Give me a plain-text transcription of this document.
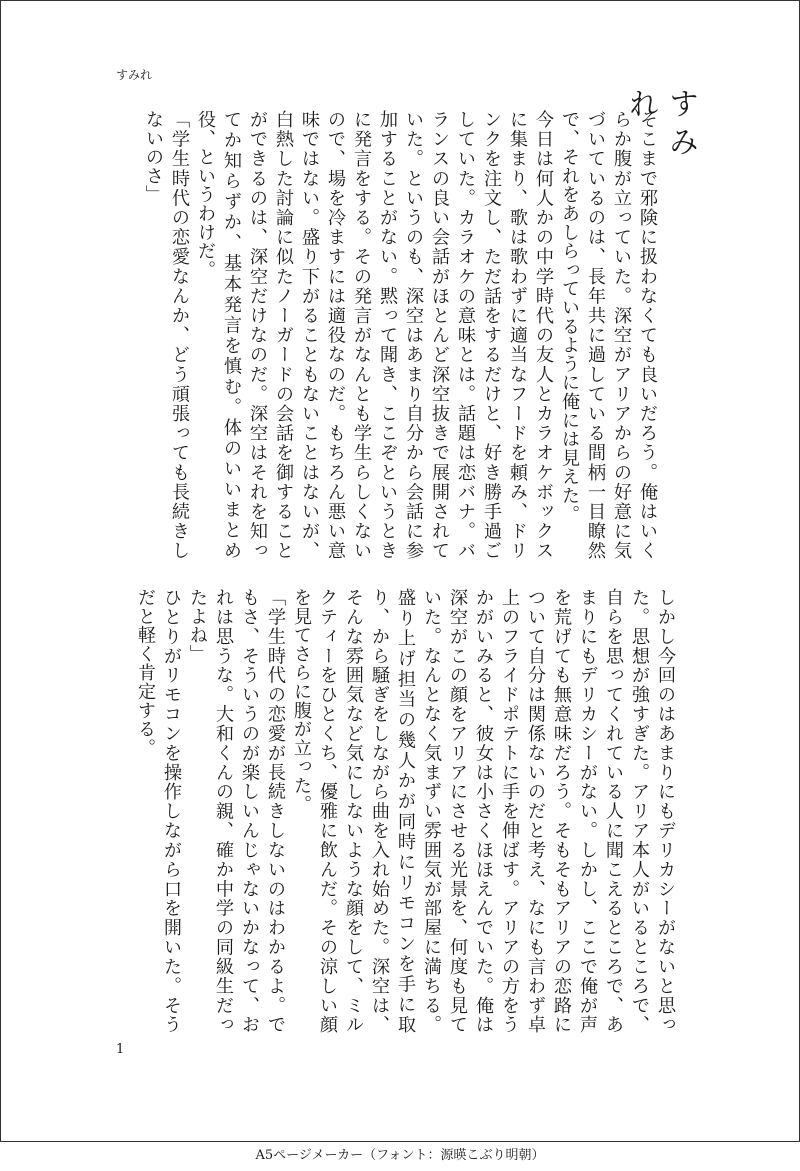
すみれ
すみれ

そこまで邪険に扱わなくても良いだろう。俺はいくらか腹が立っていた。深空がアリアからの好意に気づいているのは、長年共に過している間柄一目瞭然で、それをあしらっているように俺には見えた。

今日は何人かの中学時代の友人とカラオケボックスに集まり、歌は歌わずに適当なフードを頼み、ドリンクを注文し、ただ話をするだけと、好き勝手過ごしていた。カラオケの意味とは。話題は恋バナ。バランスの良い会話がほとんど深空抜きで展開されていた。というのも、深空はあまり自分から会話に参加することがない。黙って聞き、ここぞというときに発言をする。その発言がなんとも学生らしくないので、場を冷ますには適役なのだ。もちろん悪い意味ではない。盛り下がることもないことはないが、白熱した討論に似たノーガードの会話を御することができるのは、深空だけなのだ。深空はそれを知ってか知らずか、基本発言を慎む。体のいいまとめ役、というわけだ。

「学生時代の恋愛なんか、どう頑張っても長続きしないのさ」

しかし今回のはあまりにもデリカシーがないと思った。思想が強すぎた。アリア本人がいるところで、自らを思ってくれている人に聞こえるところで、あまりにもデリカシーがない。しかし、ここで俺が声を荒げても無意味だろう。そもそもアリアの恋路について自分は関係ないのだと考え、なにも言わず卓上のフライドポテトに手を伸ばす。アリアの方をうかがいみると、彼女は小さくほほえんでいた。俺は深空がこの顔をアリアにさせる光景を、何度も見ていた。なんとなく気まずい雰囲気が部屋に満ちる。盛り上げ担当の幾人かが同時にリモコンを手に取り、から騒ぎをしながら曲を入れ始めた。深空は、そんな雰囲気など気にしないような顔をして、ミルクティーをひとくち、優雅に飲んだ。その涼しい顔を見てさらに腹が立った。

「学生時代の恋愛が長続きしないのはわかるよ。でもさ、そういうのが楽しいんじゃないかなって、おれは思うな。大和くんの親、確か中学の同級生だったよね」

ひとりがリモコンを操作しながら口を開いた。そうだと軽く肯定する。

1
A5ページメーカー（フォント：源暎こぶり明朝）
